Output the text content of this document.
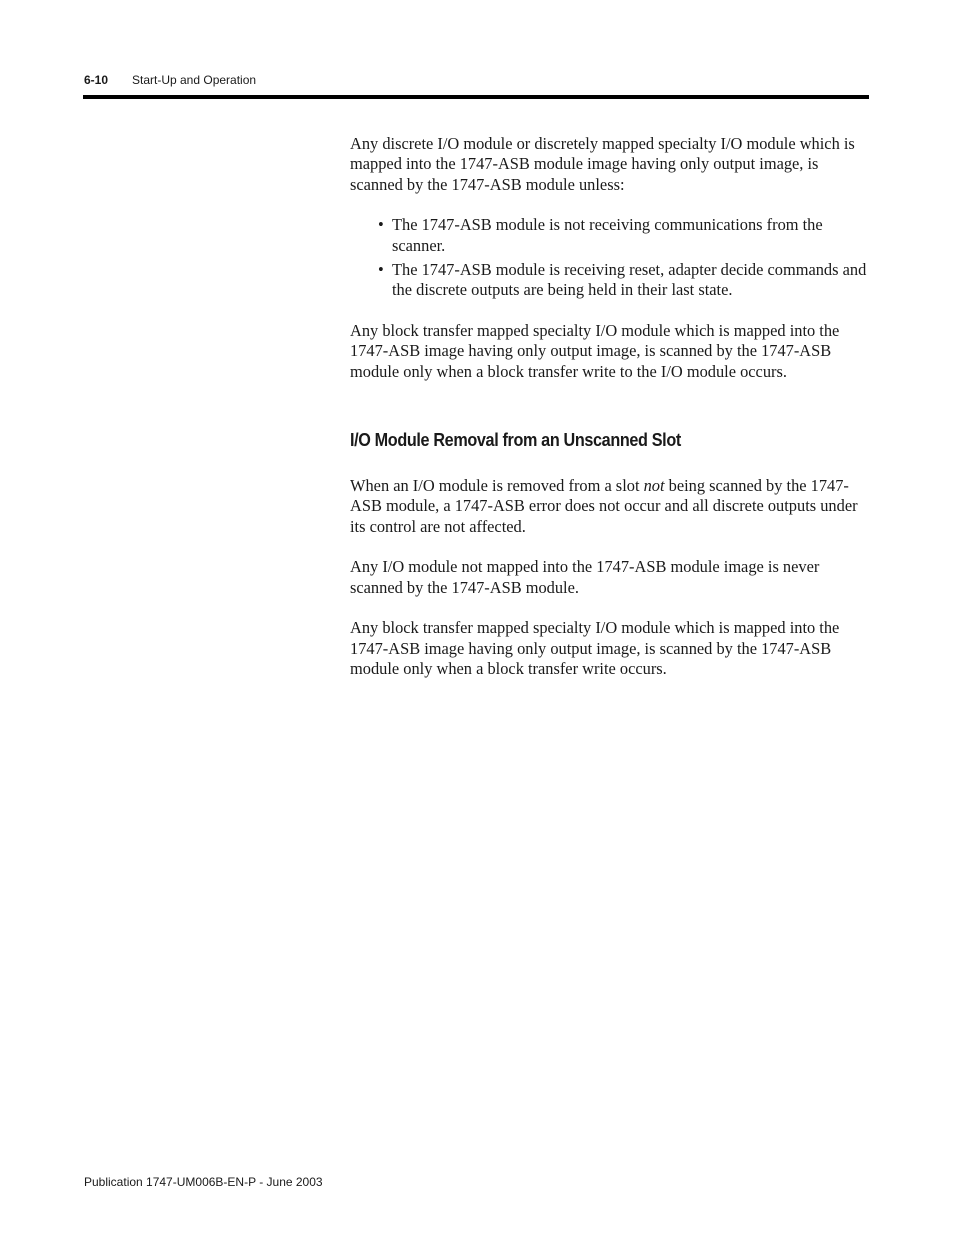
6-10 Start-Up and Operation

Any discrete I/O module or discretely mapped specialty I/O module which is mapped into the 1747-ASB module image having only output image, is scanned by the 1747-ASB module unless:

• The 1747-ASB module is not receiving communications from the scanner.
• The 1747-ASB module is receiving reset, adapter decide commands and the discrete outputs are being held in their last state.

Any block transfer mapped specialty I/O module which is mapped into the 1747-ASB image having only output image, is scanned by the 1747-ASB module only when a block transfer write to the I/O module occurs.

I/O Module Removal from an Unscanned Slot

When an I/O module is removed from a slot not being scanned by the 1747-ASB module, a 1747-ASB error does not occur and all discrete outputs under its control are not affected.

Any I/O module not mapped into the 1747-ASB module image is never scanned by the 1747-ASB module.

Any block transfer mapped specialty I/O module which is mapped into the 1747-ASB image having only output image, is scanned by the 1747-ASB module only when a block transfer write occurs.

Publication 1747-UM006B-EN-P - June 2003
